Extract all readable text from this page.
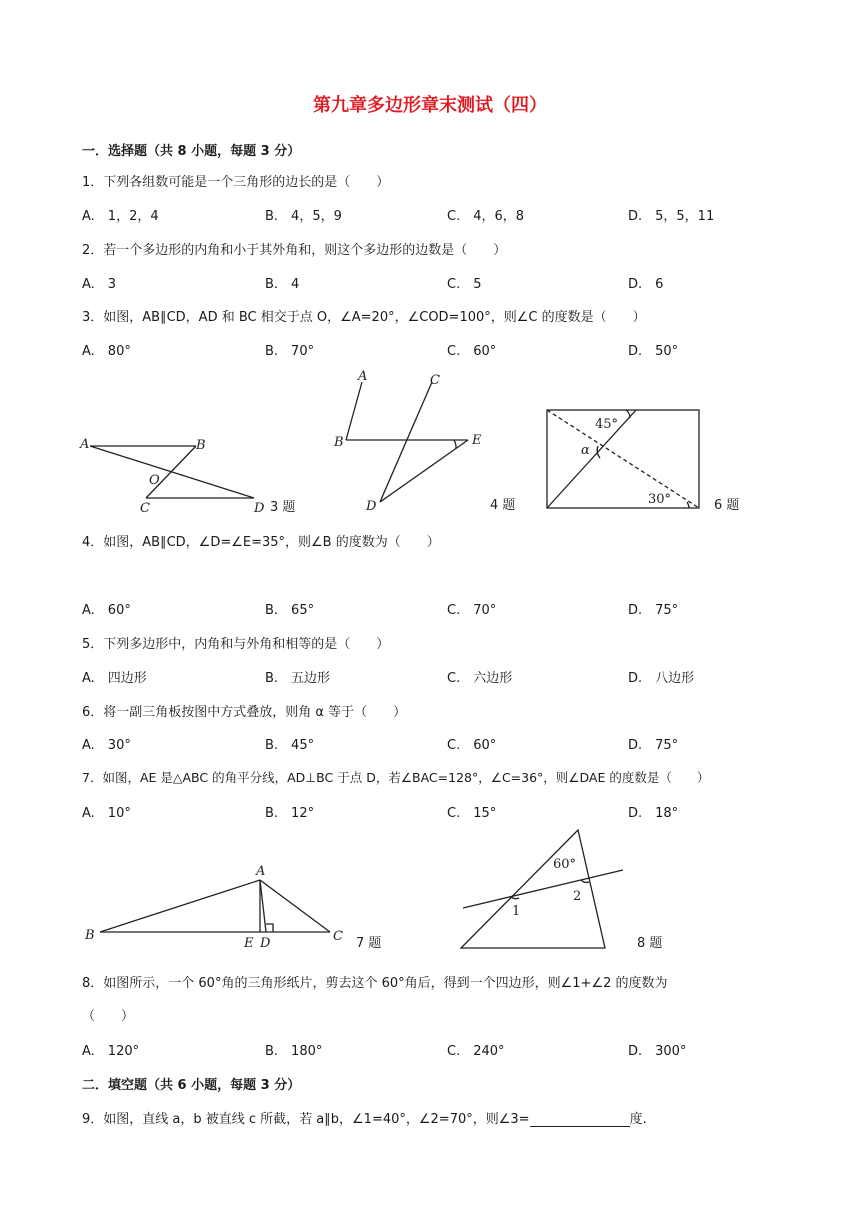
第九章多边形章末测试（四）
一．选择题（共 8 小题，每题 3 分）
1．下列各组数可能是一个三角形的边长的是（　　）
A.　1，2，4	B.　4，5，9	C.　4，6，8	D.　5，5，11
2．若一个多边形的内角和小于其外角和，则这个多边形的边数是（　　）
A.　3	B.　4	C.　5	D.　6
3．如图，AB∥CD，AD 和 BC 相交于点 O，∠A=20°，∠COD=100°，则∠C 的度数是（　　）
A.　80°	B.　70°	C.　60°	D.　50°
A	B
O
C	D 3 题
A	C
B	E
D	4 题
45°
α
30°	6 题
4．如图，AB∥CD，∠D=∠E=35°，则∠B 的度数为（　　）
A.　60°	B.　65°	C.　70°	D.　75°
5．下列多边形中，内角和与外角和相等的是（　　）
A.　四边形	B.　五边形	C.　六边形	D.　八边形
6．将一副三角板按图中方式叠放，则角 α 等于（　　）
A.　30°	B.　45°	C.　60°	D.　75°
7．如图，AE 是△ABC 的角平分线，AD⊥BC 于点 D，若∠BAC=128°，∠C=36°，则∠DAE 的度数是（　　）
A.　10°	B.　12°	C.　15°	D.　18°
A
B
E D	C 7 题
60°
1
2
8 题
8．如图所示，一个 60°角的三角形纸片，剪去这个 60°角后，得到一个四边形，则∠1+∠2 的度数为
（　　）
A.　120°	B.　180°	C.　240°	D.　300°
二．填空题（共 6 小题，每题 3 分）
9．如图，直线 a，b 被直线 c 所截，若 a∥b，∠1=40°，∠2=70°，则∠3=	度.
